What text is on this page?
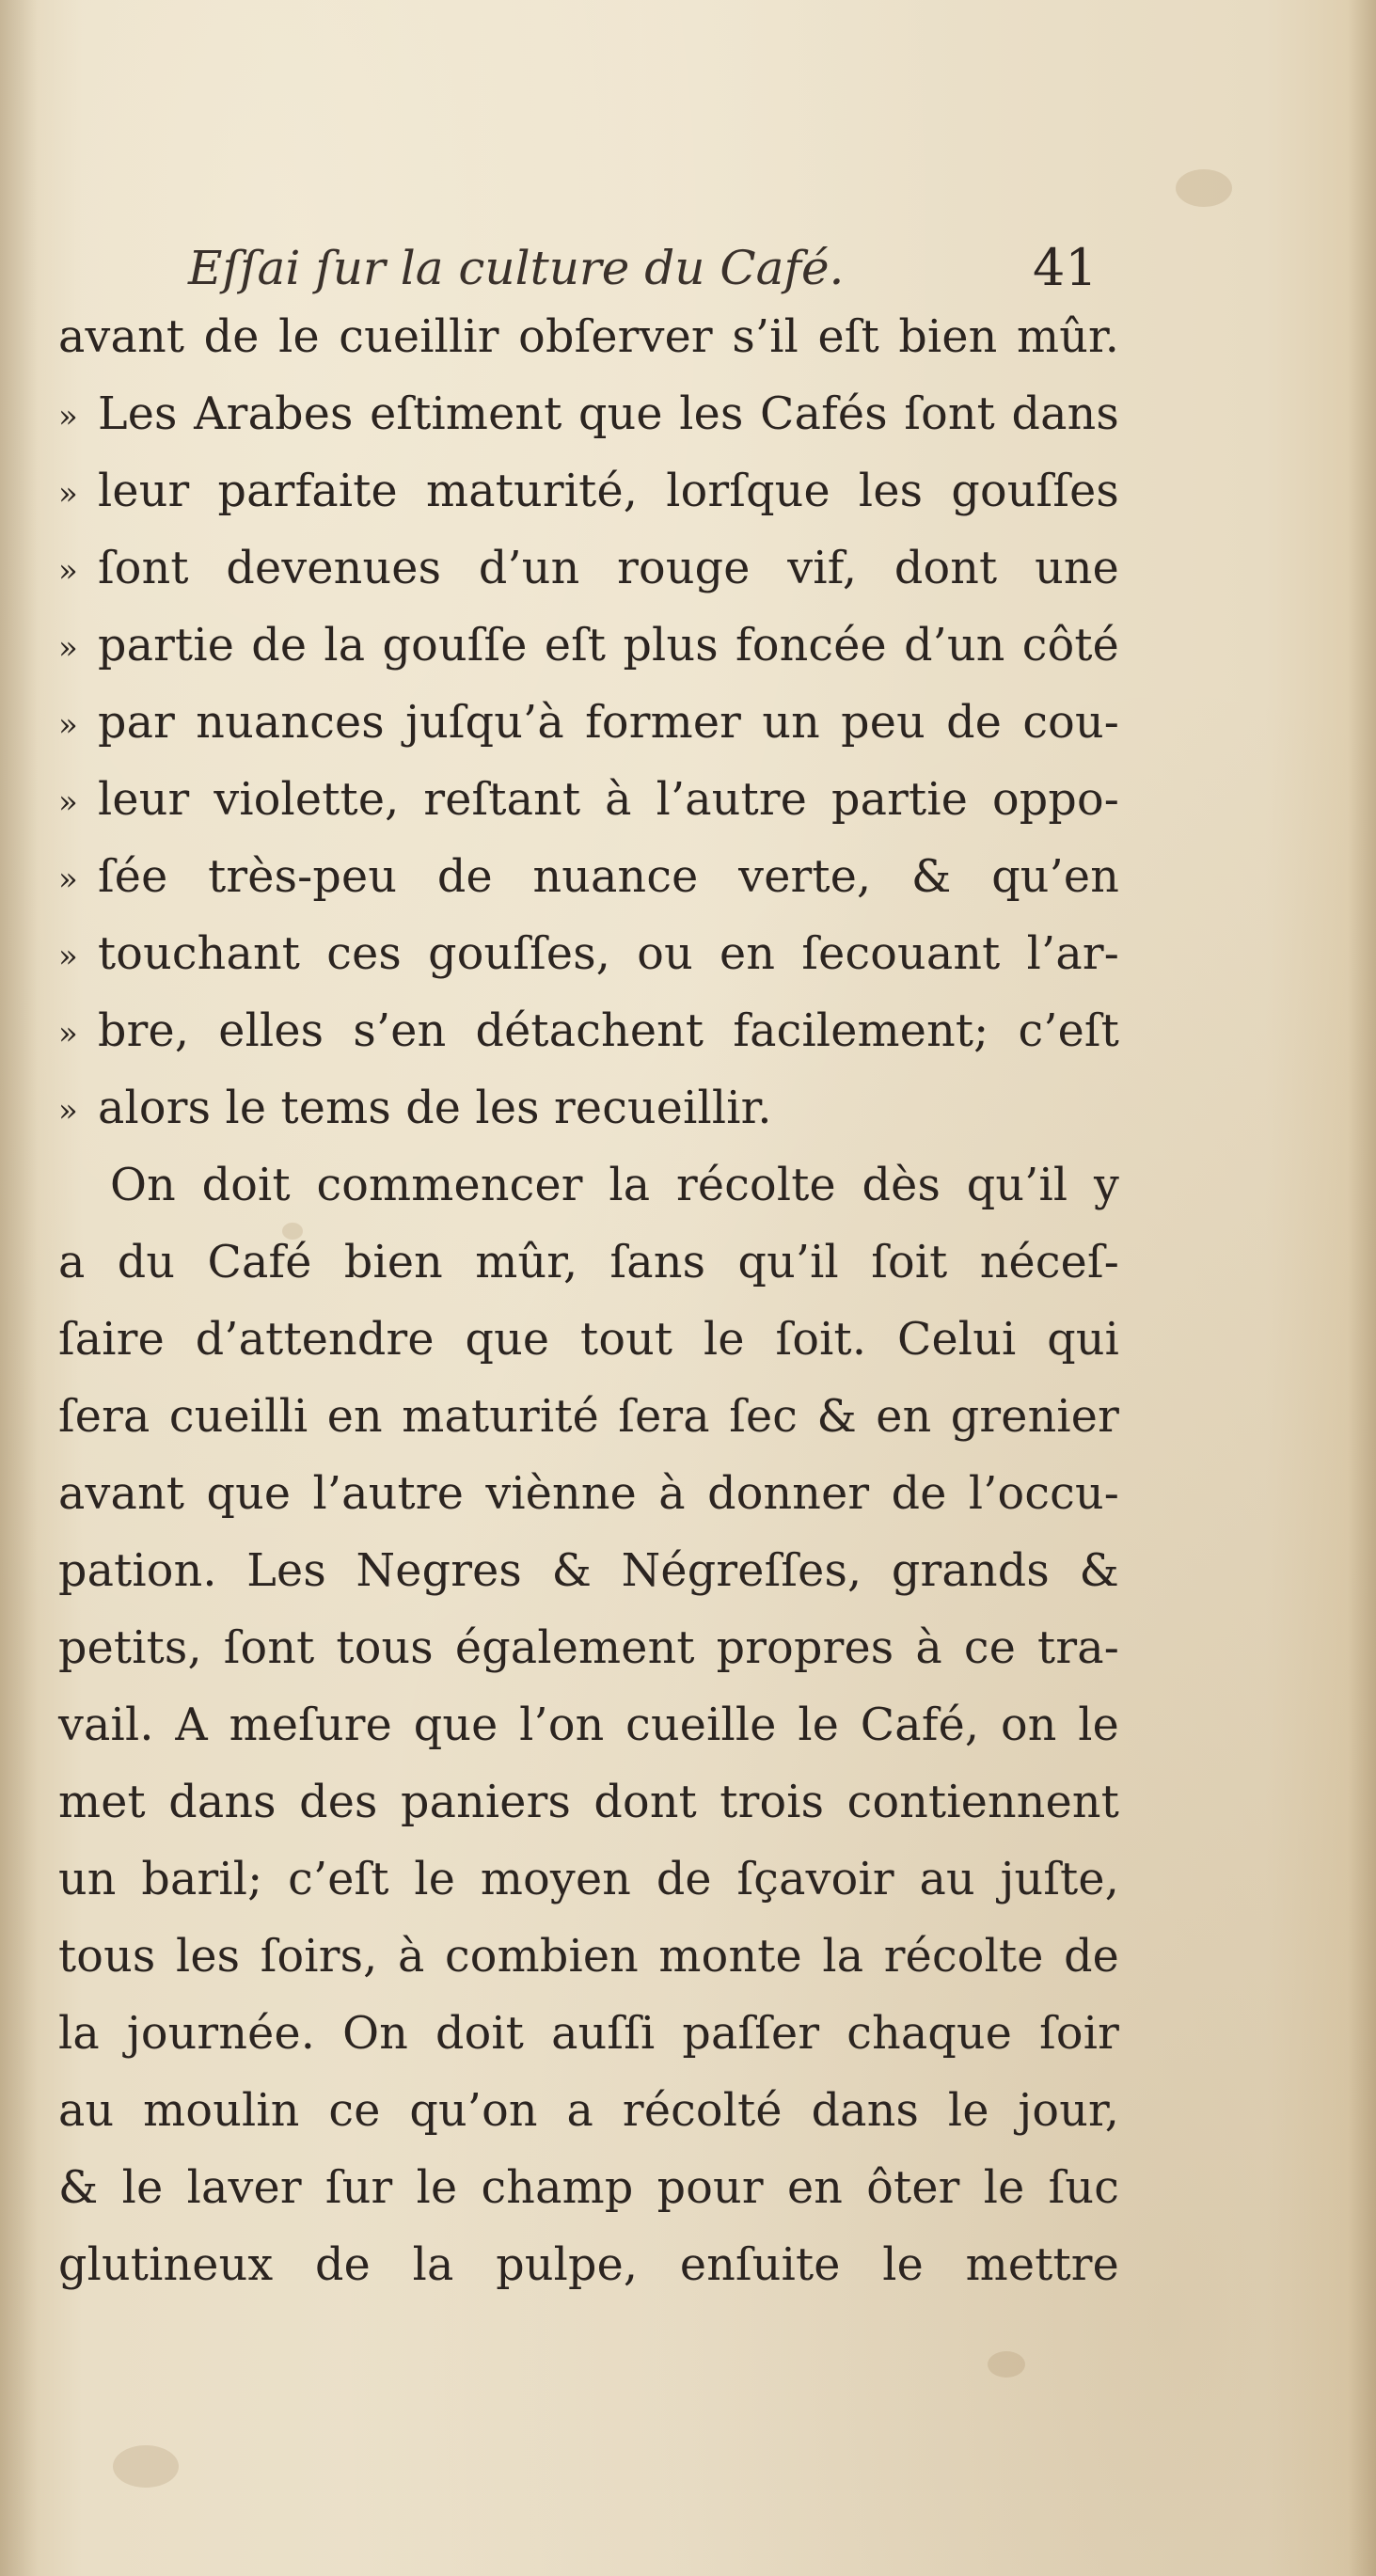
Eſſai ſur la culture du Café.	41
avant de le cueillir obſerver s’il eſt bien mûr.
» Les Arabes eſtiment que les Cafés ſont dans
» leur parfaite maturité, lorſque les gouſſes
» ſont devenues d’un rouge vif, dont une
» partie de la gouſſe eſt plus foncée d’un côté
» par nuances juſqu’à former un peu de cou-
» leur violette, reſtant à l’autre partie oppo-
» ſée très-peu de nuance verte, & qu’en
» touchant ces gouſſes, ou en ſecouant l’ar-
» bre, elles s’en détachent facilement; c’eſt
» alors le tems de les recueillir.
On doit commencer la récolte dès qu’il y
a du Café bien mûr, ſans qu’il ſoit néceſ-
ſaire d’attendre que tout le ſoit. Celui qui
ſera cueilli en maturité ſera ſec & en grenier
avant que l’autre viènne à donner de l’occu-
pation. Les Negres & Négreſſes, grands &
petits, ſont tous également propres à ce tra-
vail. A meſure que l’on cueille le Café, on le
met dans des paniers dont trois contiennent
un baril; c’eſt le moyen de ſçavoir au juſte,
tous les ſoirs, à combien monte la récolte de
la journée. On doit auſſi paſſer chaque ſoir
au moulin ce qu’on a récolté dans le jour,
& le laver ſur le champ pour en ôter le ſuc
glutineux de la pulpe, enſuite le mettre
